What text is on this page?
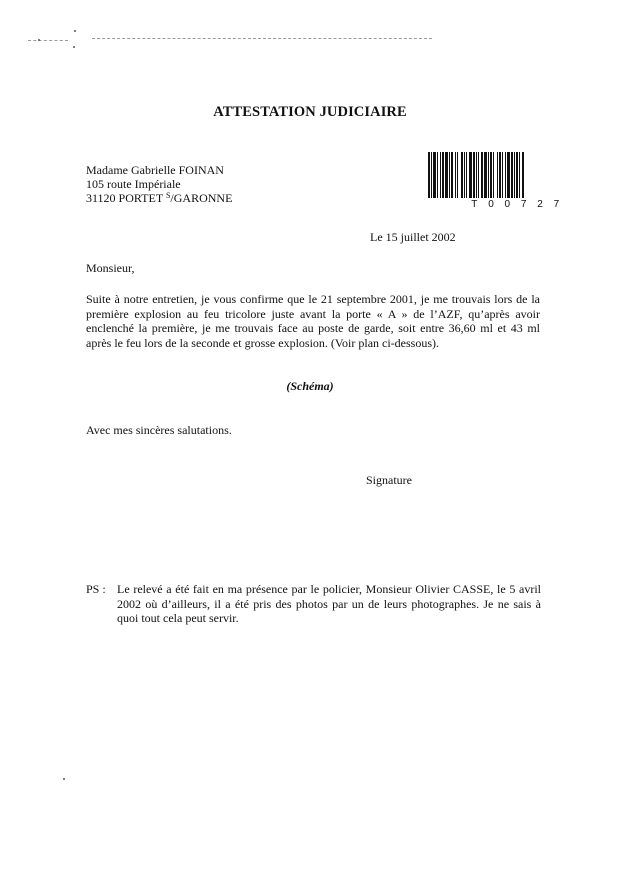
ATTESTATION JUDICIAIRE
Madame Gabrielle FOINAN
105 route Impériale
31120 PORTET $^S$/GARONNE	T00727
Le 15 juillet 2002
Monsieur,
Suite à notre entretien, je vous confirme que le 21 septembre 2001, je me trouvais lors de la première explosion au feu tricolore juste avant la porte « A » de l’AZF, qu’après avoir enclenché la première, je me trouvais face au poste de garde, soit entre 36,60 ml et 43 ml après le feu lors de la seconde et grosse explosion. (Voir plan ci-dessous).
(Schéma)
Avec mes sincères salutations.
Signature
PS : Le relevé a été fait en ma présence par le policier, Monsieur Olivier CASSE, le 5 avril 2002 où d’ailleurs, il a été pris des photos par un de leurs photographes. Je ne sais à quoi tout cela peut servir.
